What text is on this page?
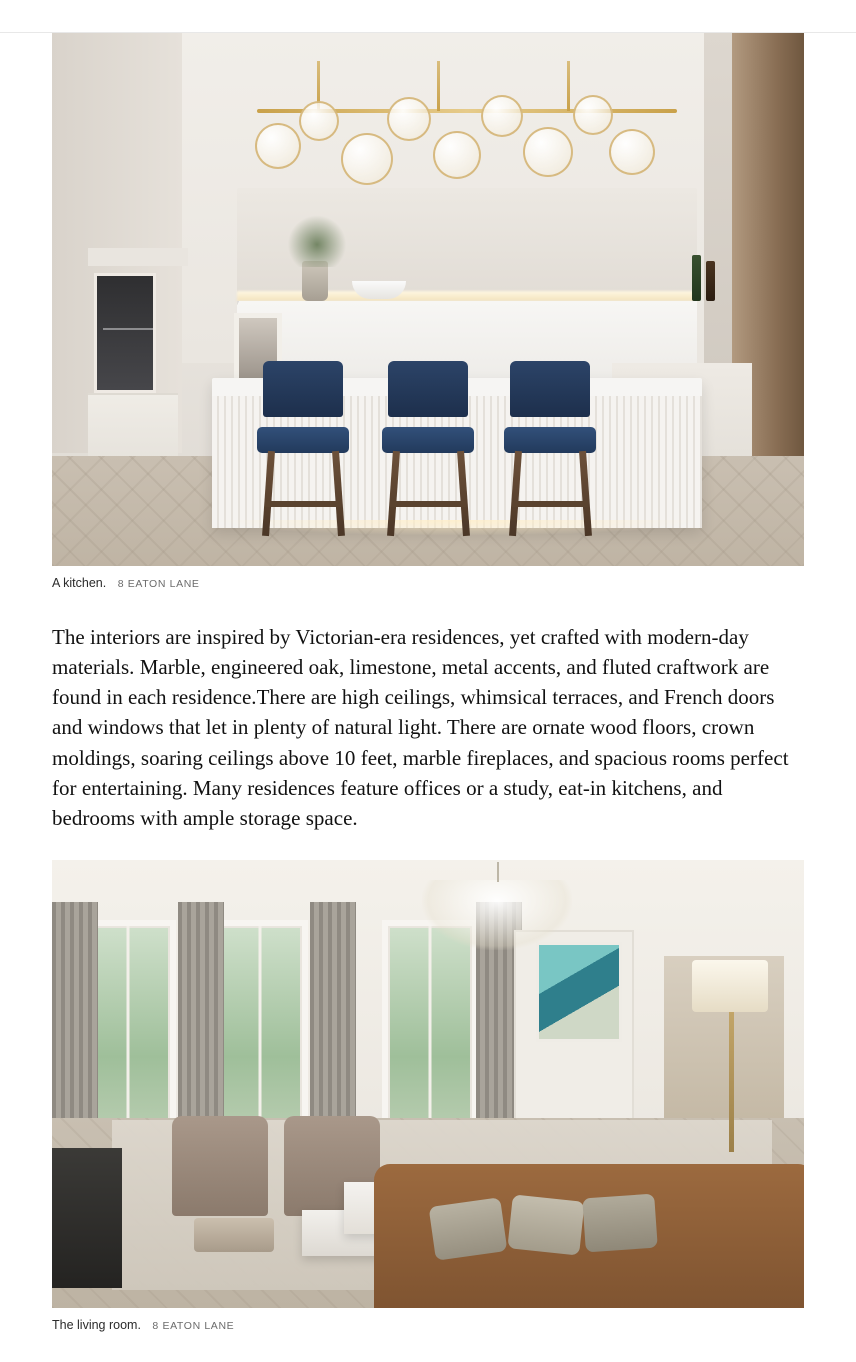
A kitchen. 8 EATON LANE

The interiors are inspired by Victorian-era residences, yet crafted with modern-day materials. Marble, engineered oak, limestone, metal accents, and fluted craftwork are found in each residence.There are high ceilings, whimsical terraces, and French doors and windows that let in plenty of natural light. There are ornate wood floors, crown moldings, soaring ceilings above 10 feet, marble fireplaces, and spacious rooms perfect for entertaining. Many residences feature offices or a study, eat-in kitchens, and bedrooms with ample storage space.

The living room. 8 EATON LANE
